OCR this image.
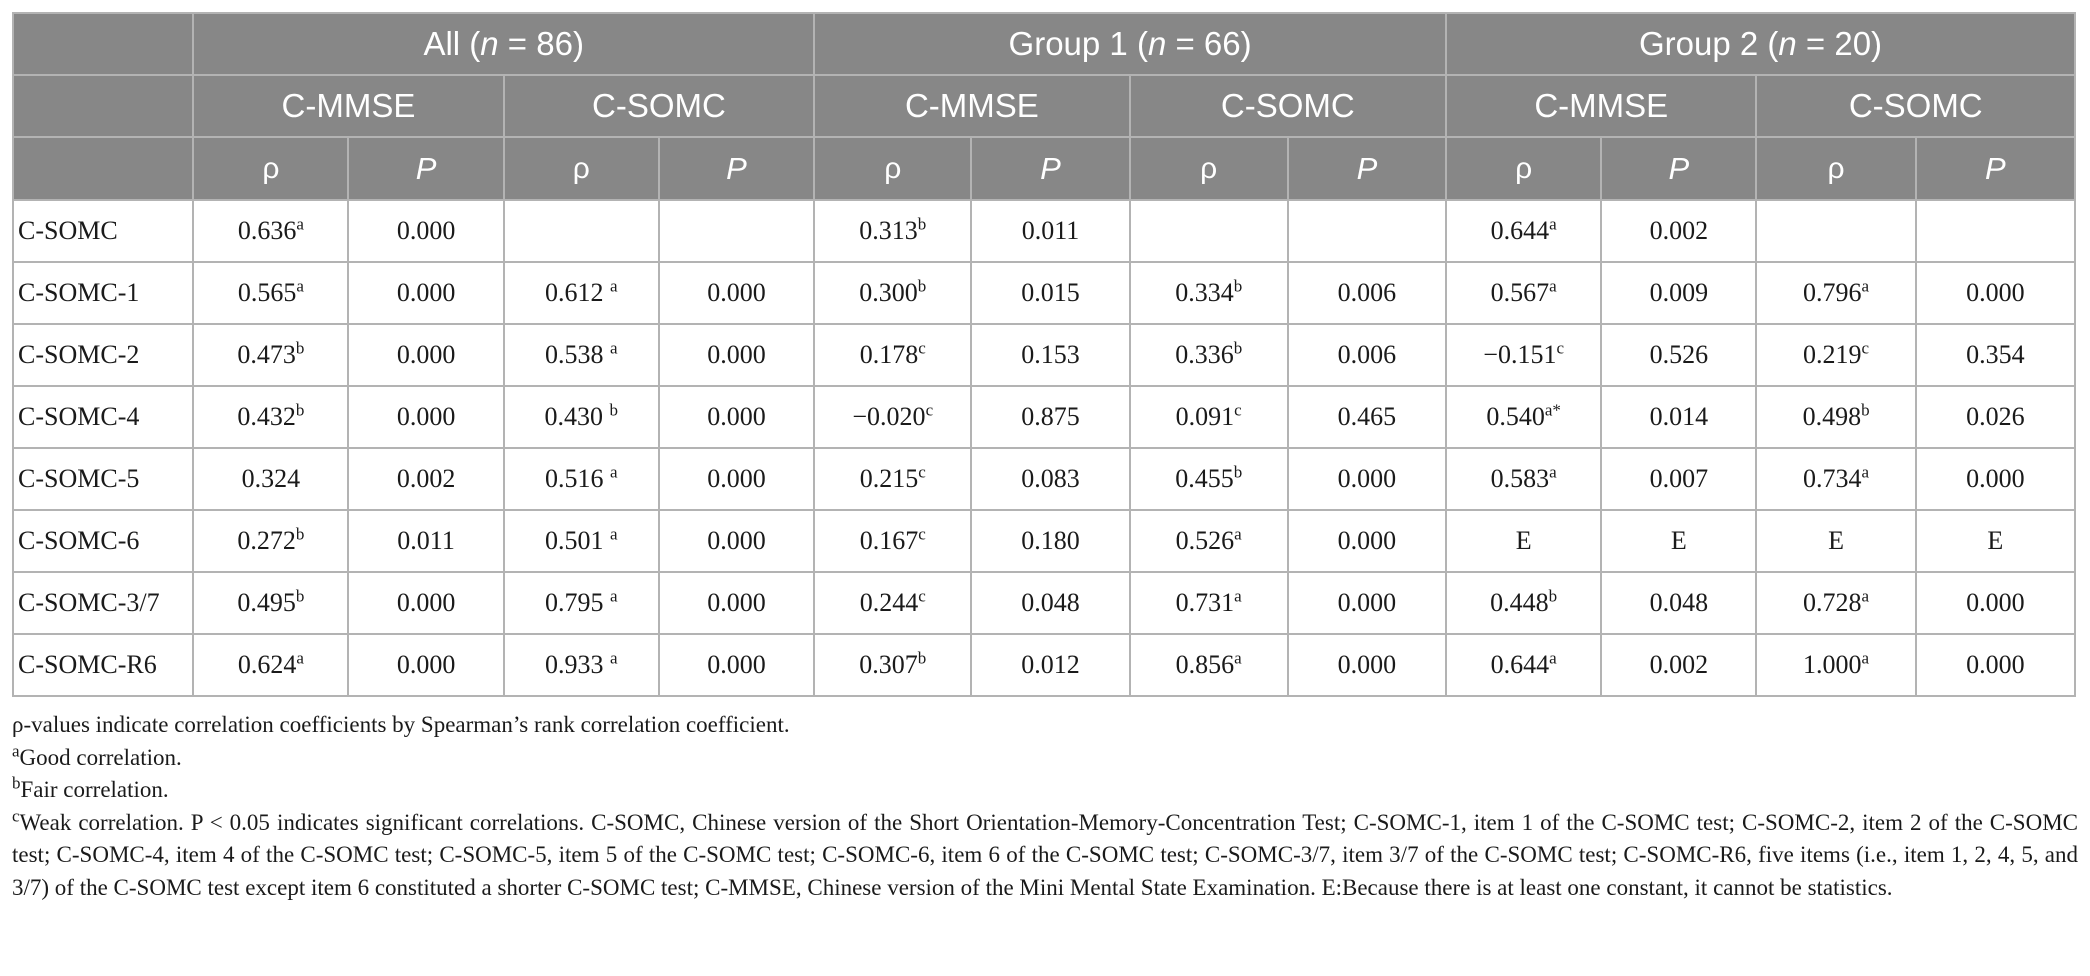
	All (n = 86)				Group 1 (n = 66)				Group 2 (n = 20)			
	C-MMSE		C-SOMC		C-MMSE		C-SOMC		C-MMSE		C-SOMC	
	ρ	P	ρ	P	ρ	P	ρ	P	ρ	P	ρ	P
C-SOMC	0.636$^a$	0.000			0.313$^b$	0.011			0.644$^a$	0.002		
C-SOMC-1	0.565$^a$	0.000	0.612 $^a$	0.000	0.300$^b$	0.015	0.334$^b$	0.006	0.567$^a$	0.009	0.796$^a$	0.000
C-SOMC-2	0.473$^b$	0.000	0.538 $^a$	0.000	0.178$^c$	0.153	0.336$^b$	0.006	−0.151$^c$	0.526	0.219$^c$	0.354
C-SOMC-4	0.432$^b$	0.000	0.430 $^b$	0.000	−0.020$^c$	0.875	0.091$^c$	0.465	$0.540^{a*}$	0.014	0.498$^b$	0.026
C-SOMC-5	0.324	0.002	0.516 $^a$	0.000	0.215$^c$	0.083	0.455$^b$	0.000	0.583$^a$	0.007	0.734$^a$	0.000
C-SOMC-6	0.272$^b$	0.011	0.501 $^a$	0.000	0.167$^c$	0.180	0.526$^a$	0.000	E	E	E	E
C-SOMC-3/7	0.495$^b$	0.000	0.795 $^a$	0.000	0.244$^c$	0.048	0.731$^a$	0.000	0.448$^b$	0.048	0.728$^a$	0.000
C-SOMC-R6	0.624$^a$	0.000	0.933 $^a$	0.000	0.307$^b$	0.012	0.856$^a$	0.000	0.644$^a$	0.002	1.000$^a$	0.000

ρ-values indicate correlation coefficients by Spearman’s rank correlation coefficient.

$^a$Good correlation.

$^b$Fair correlation.

$^c$Weak correlation. P < 0.05 indicates significant correlations. C-SOMC, Chinese version of the Short Orientation-Memory-Concentration Test; C-SOMC-1, item 1 of the C-SOMC test; C-SOMC-2, item 2 of the C-SOMC test; C-SOMC-4, item 4 of the C-SOMC test; C-SOMC-5, item 5 of the C-SOMC test; C-SOMC-6, item 6 of the C-SOMC test; C-SOMC-3/7, item 3/7 of the C-SOMC test; C-SOMC-R6, five items (i.e., item 1, 2, 4, 5, and 3/7) of the C-SOMC test except item 6 constituted a shorter C-SOMC test; C-MMSE, Chinese version of the Mini Mental State Examination. E:Because there is at least one constant, it cannot be statistics.
